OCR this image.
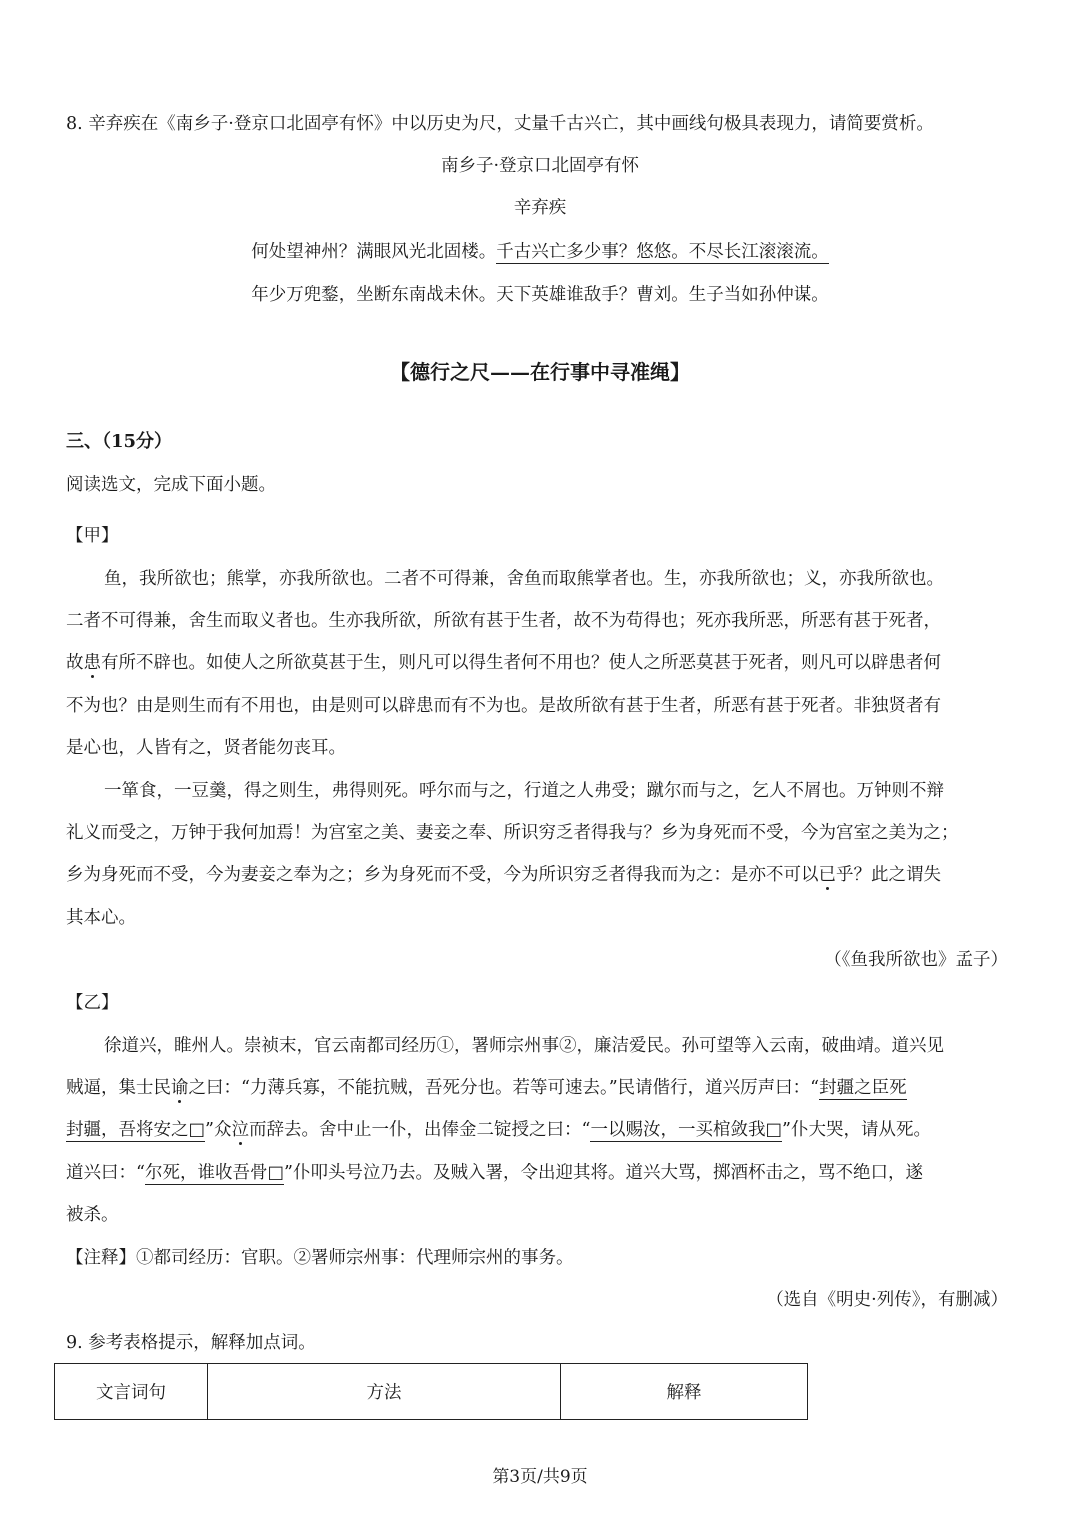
8. 辛弃疾在《南乡子·登京口北固亭有怀》中以历史为尺，丈量千古兴亡，其中画线句极具表现力，请简要赏析。
南乡子·登京口北固亭有怀
辛弃疾
何处望神州？满眼风光北固楼。千古兴亡多少事？悠悠。不尽长江滚滚流。
年少万兜鍪，坐断东南战未休。天下英雄谁敌手？曹刘。生子当如孙仲谋。
【德行之尺——在行事中寻准绳】
三、（15分）
阅读选文，完成下面小题。
【甲】
鱼，我所欲也；熊掌，亦我所欲也。二者不可得兼，舍鱼而取熊掌者也。生，亦我所欲也；义，亦我所欲也。
二者不可得兼，舍生而取义者也。生亦我所欲，所欲有甚于生者，故不为苟得也；死亦我所恶，所恶有甚于死者，
故患有所不辟也。如使人之所欲莫甚于生，则凡可以得生者何不用也？使人之所恶莫甚于死者，则凡可以辟患者何
不为也？由是则生而有不用也，由是则可以辟患而有不为也。是故所欲有甚于生者，所恶有甚于死者。非独贤者有
是心也，人皆有之，贤者能勿丧耳。
一箪食，一豆羹，得之则生，弗得则死。呼尔而与之，行道之人弗受；蹴尔而与之，乞人不屑也。万钟则不辩
礼义而受之，万钟于我何加焉！为宫室之美、妻妾之奉、所识穷乏者得我与？乡为身死而不受，今为宫室之美为之；
乡为身死而不受，今为妻妾之奉为之；乡为身死而不受，今为所识穷乏者得我而为之：是亦不可以已乎？此之谓失
其本心。
（《鱼我所欲也》孟子）
【乙】
徐道兴，睢州人。崇祯末，官云南都司经历①，署师宗州事②，廉洁爱民。孙可望等入云南，破曲靖。道兴见
贼逼，集士民谕之曰：“力薄兵寡，不能抗贼，吾死分也。若等可速去。”民请偕行，道兴厉声曰：“封疆之臣死
封疆，吾将安之□”众泣而辞去。舍中止一仆，出俸金二锭授之曰：“一以赐汝，一买棺敛我□”仆大哭，请从死。
道兴曰：“尔死，谁收吾骨□”仆叩头号泣乃去。及贼入署，令出迎其将。道兴大骂，掷酒杯击之，骂不绝口，遂
被杀。
【注释】①都司经历：官职。②署师宗州事：代理师宗州的事务。
（选自《明史·列传》，有删减）
9. 参考表格提示，解释加点词。
文言词句	方法	解释
第3页/共9页
